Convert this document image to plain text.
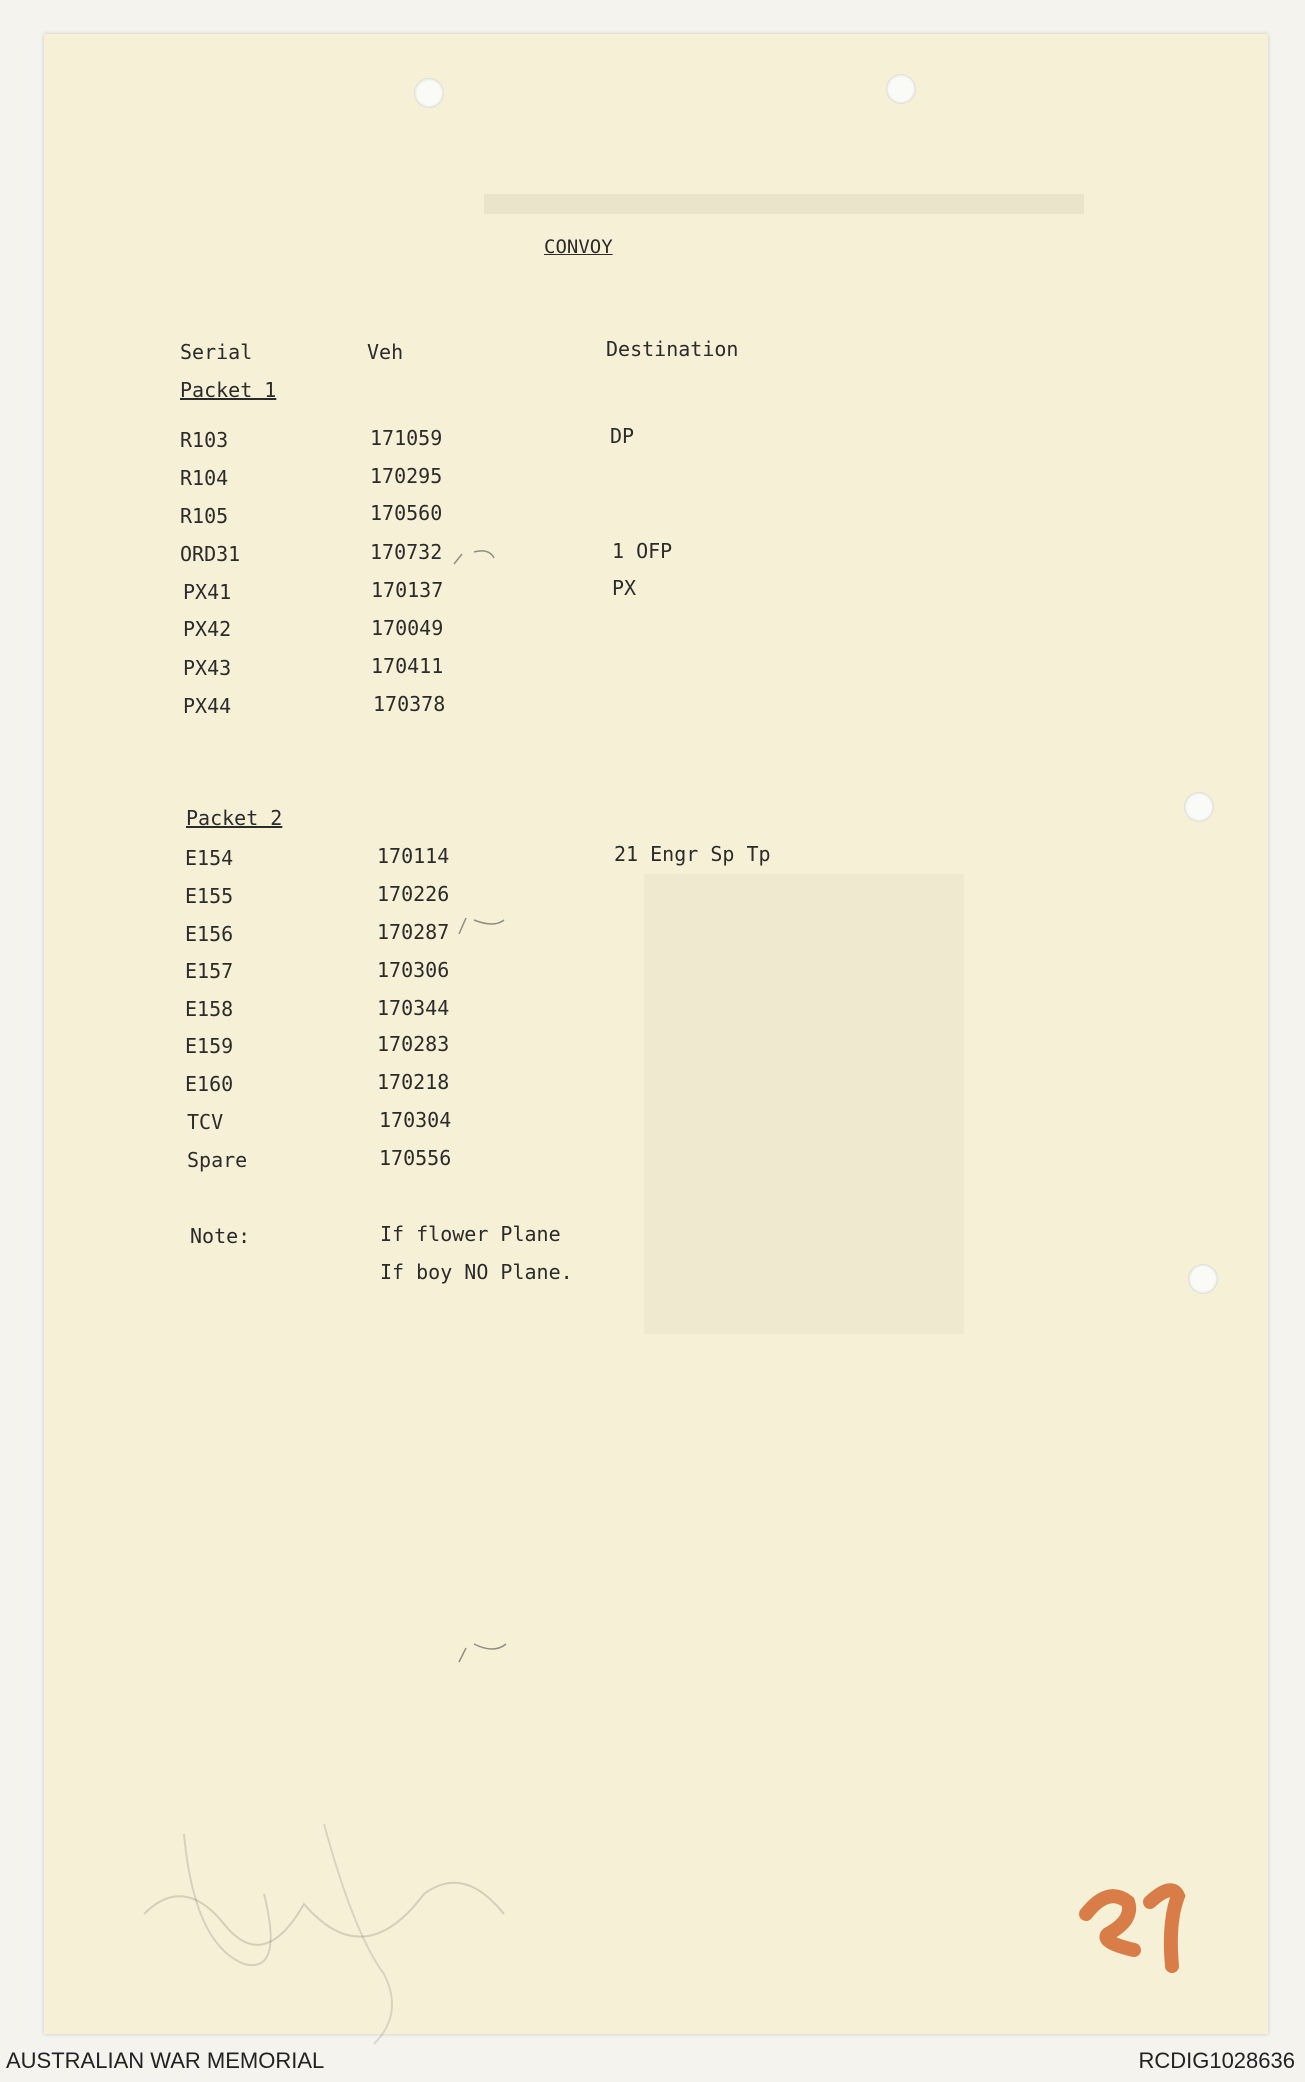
CONVOY
Serial	Veh	Destination
Packet 1
R103	171059	DP
R104	170295
R105	170560
ORD31	170732	1 OFP
PX41	170137	PX
PX42	170049
PX43	170411
PX44	170378
Packet 2
E154	170114	21 Engr Sp Tp
E155	170226
E156	170287
E157	170306
E158	170344
E159	170283
E160	170218
TCV	170304
Spare	170556
Note:	If flower Plane
If boy NO Plane.
AUSTRALIAN WAR MEMORIAL	RCDIG1028636
